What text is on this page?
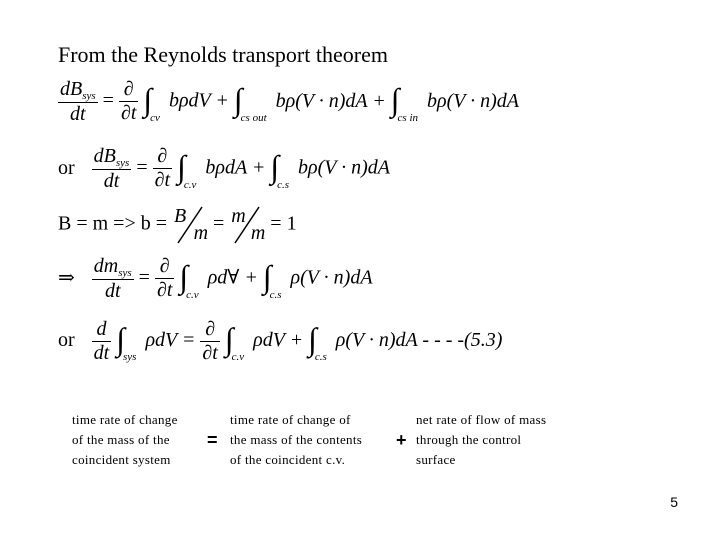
From the Reynolds transport theorem
$\frac{dB_{sys}}{dt} = \frac{\partial}{\partial t} \int_{cv}$ $b\rho dV + \int_{cs out}$ $b\rho(V \cdot n)dA + \int_{cs in}$ bρ(V · n)dA
or $\frac{dB_{sys}}{dt} = \frac{\partial}{\partial t} \int_{c.v}$ $b\rho dA + \int_{c.s}$ bρ(V · n)dA
B = m => b = B
m = m
m = 1
⇒ $\frac{dm_{sys}}{dt} = \frac{\partial}{\partial t} \int_{c.v}$ ρd∀ + $\int_{c.s}$ ρ(V · n)dA
or $\frac{d}{dt} \int_{sys}$ $\rho dV = \frac{\partial}{\partial t} \int_{c.v}$ $\rho dV + \int_{c.s}$ ρ(V · n)dA - - - -(5.3)
time rate of change
of the mass of the
coincident system
=
time rate of change of
the mass of the contents
of the coincident c.v.
+
net rate of flow of mass
through the control
surface
5
